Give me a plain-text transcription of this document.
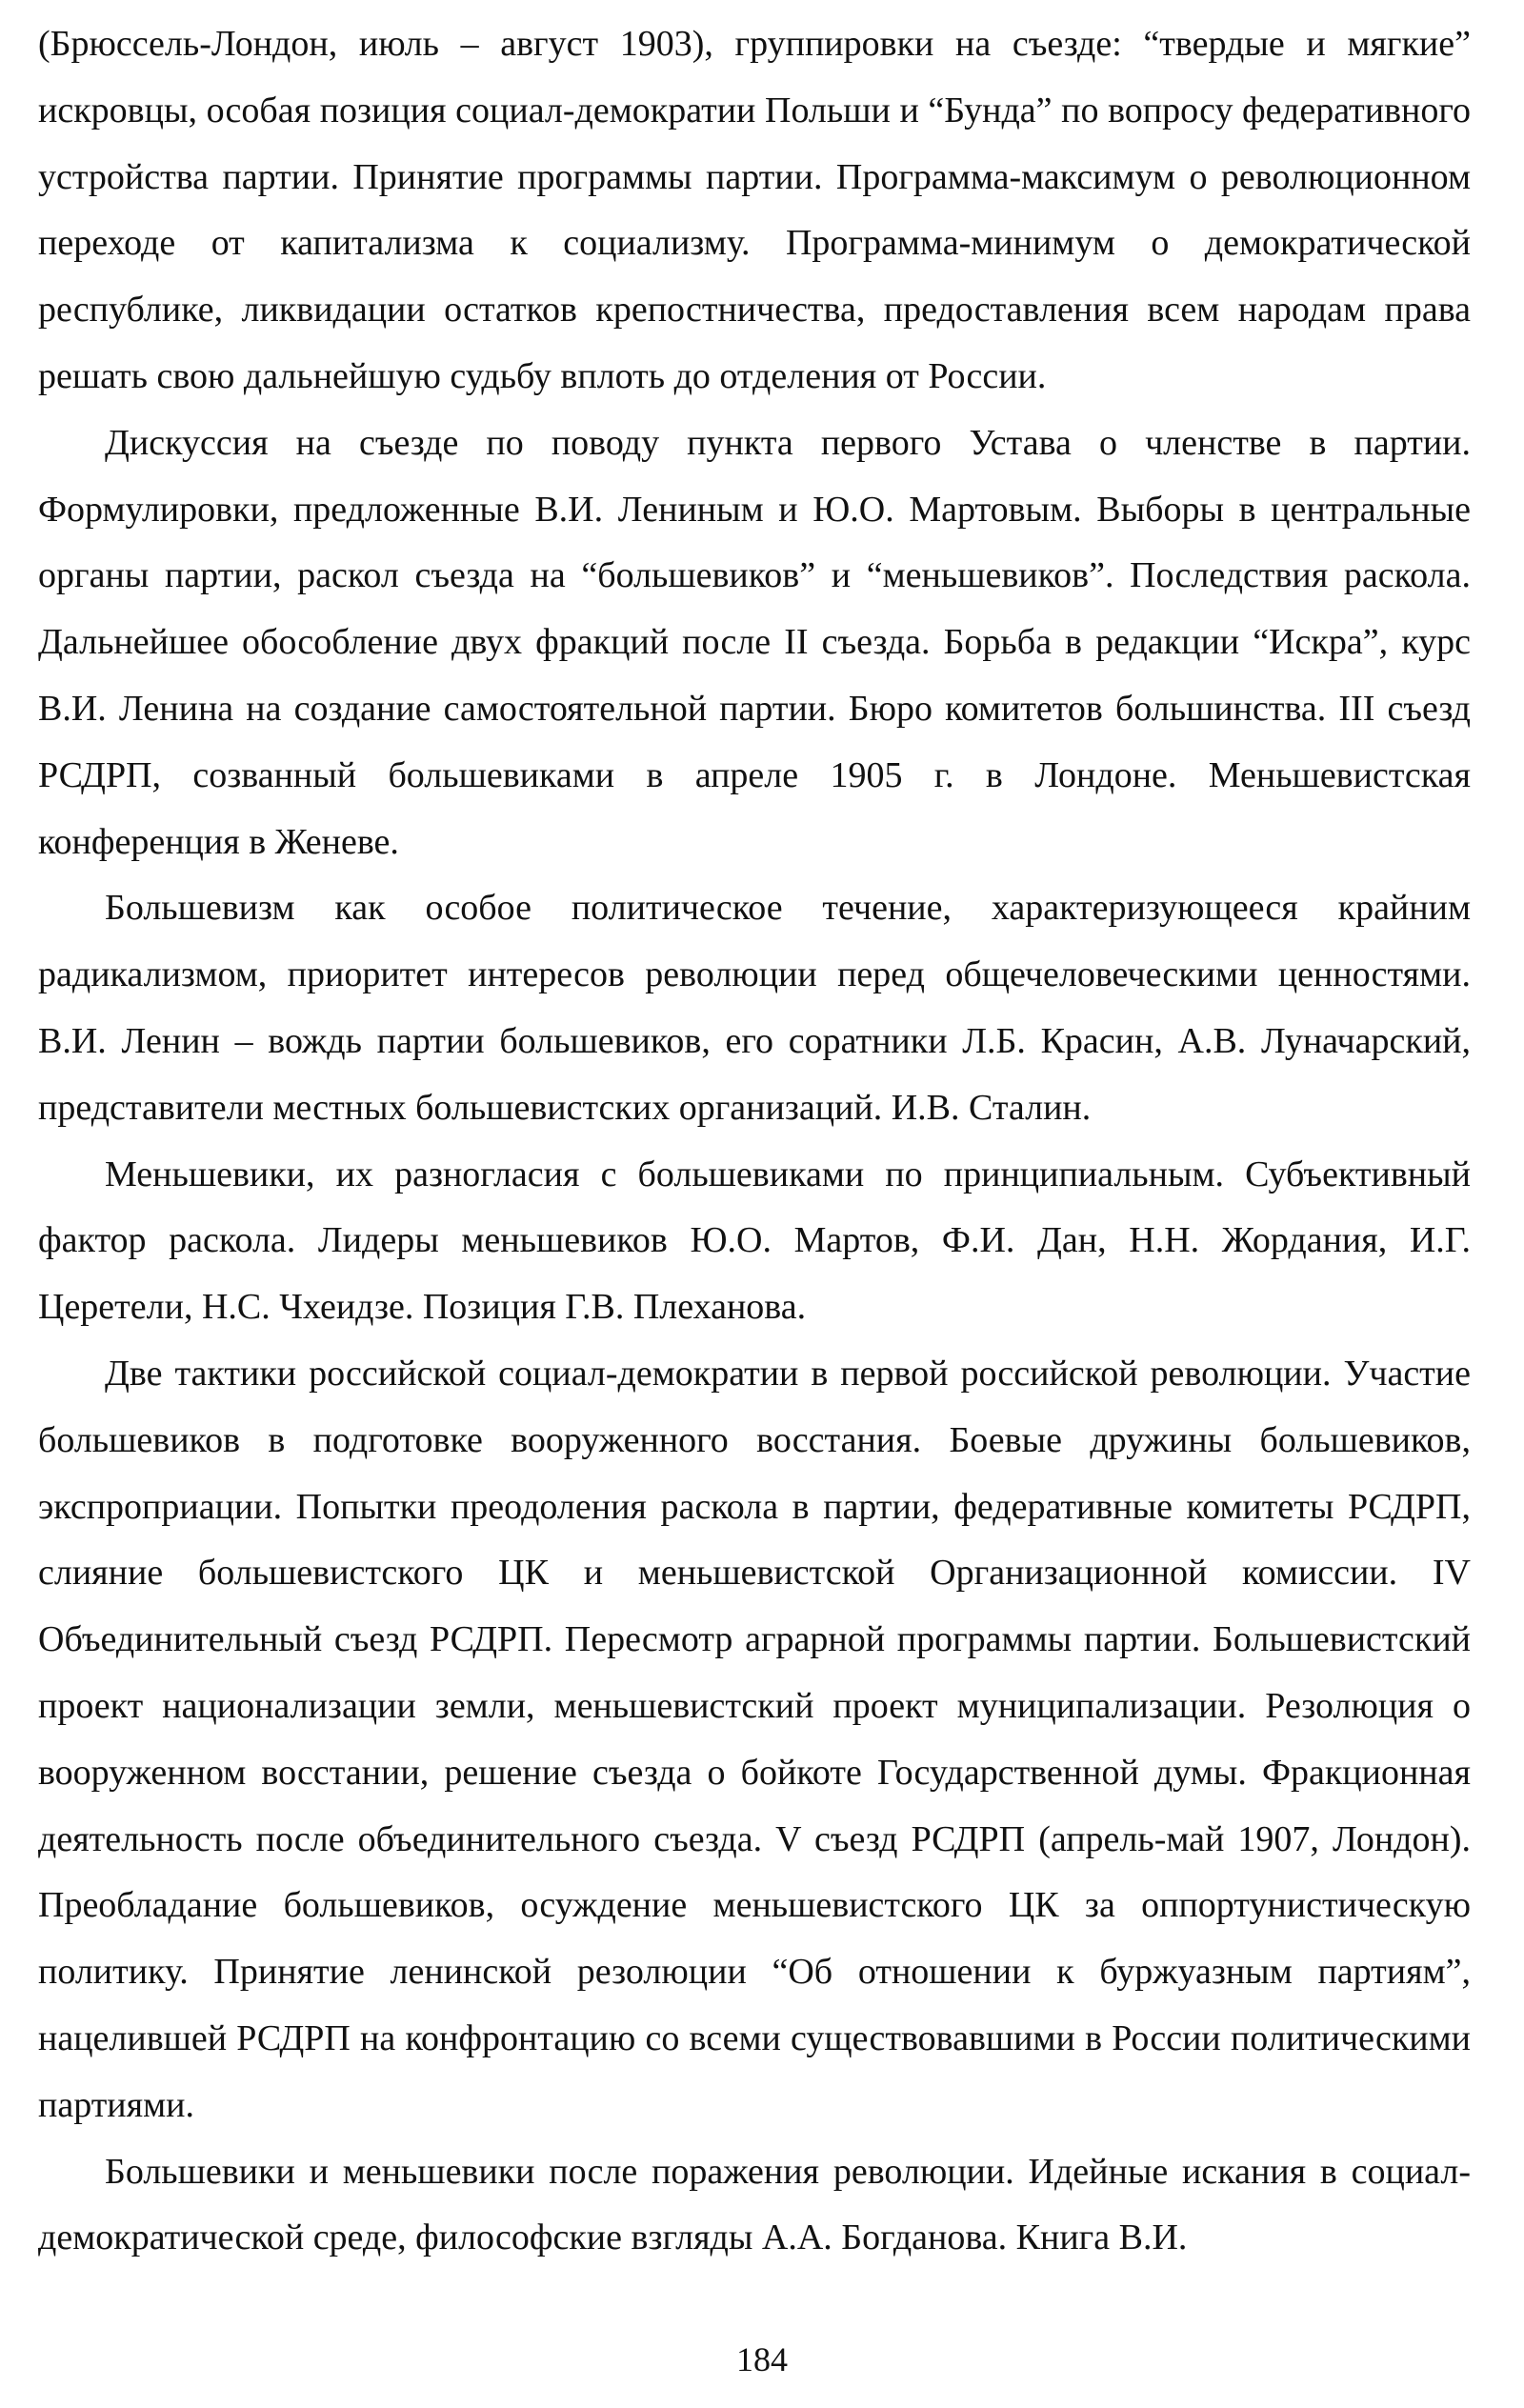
(Брюссель-Лондон, июль – август 1903), группировки на съезде: “твердые и мягкие” искровцы, особая позиция социал-демократии Польши и “Бунда” по вопросу федеративного устройства партии. Принятие программы партии. Программа-максимум о революционном переходе от капитализма к социализму. Программа-минимум о демократической республике, ликвидации остатков крепостничества, предоставления всем народам права решать свою дальнейшую судьбу вплоть до отделения от России.

Дискуссия на съезде по поводу пункта первого Устава о членстве в партии. Формулировки, предложенные В.И. Лениным и Ю.О. Мартовым. Выборы в центральные органы партии, раскол съезда на “большевиков” и “меньшевиков”. Последствия раскола. Дальнейшее обособление двух фракций после II съезда. Борьба в редакции “Искра”, курс В.И. Ленина на создание самостоятельной партии. Бюро комитетов большинства. III съезд РСДРП, созванный большевиками в апреле 1905 г. в Лондоне. Меньшевистская конференция в Женеве.

Большевизм как особое политическое течение, характеризующееся крайним радикализмом, приоритет интересов революции перед общечеловеческими ценностями. В.И. Ленин – вождь партии большевиков, его соратники Л.Б. Красин, А.В. Луначарский, представители местных большевистских организаций. И.В. Сталин.

Меньшевики, их разногласия с большевиками по принципиальным. Субъективный фактор раскола. Лидеры меньшевиков Ю.О. Мартов, Ф.И. Дан, Н.Н. Жордания, И.Г. Церетели, Н.С. Чхеидзе. Позиция Г.В. Плеханова.

Две тактики российской социал-демократии в первой российской революции. Участие большевиков в подготовке вооруженного восстания. Боевые дружины большевиков, экспроприации. Попытки преодоления раскола в партии, федеративные комитеты РСДРП, слияние большевистского ЦК и меньшевистской Организационной комиссии. IV Объединительный съезд РСДРП. Пересмотр аграрной программы партии. Большевистский проект национализации земли, меньшевистский проект муниципализации. Резолюция о вооруженном восстании, решение съезда о бойкоте Государственной думы. Фракционная деятельность после объединительного съезда. V съезд РСДРП (апрель-май 1907, Лондон). Преобладание большевиков, осуждение меньшевистского ЦК за оппортунистическую политику. Принятие ленинской резолюции “Об отношении к буржуазным партиям”, нацелившей РСДРП на конфронтацию со всеми существовавшими в России политическими партиями.

Большевики и меньшевики после поражения революции. Идейные искания в социал-демократической среде, философские взгляды А.А. Богданова. Книга В.И.

184
